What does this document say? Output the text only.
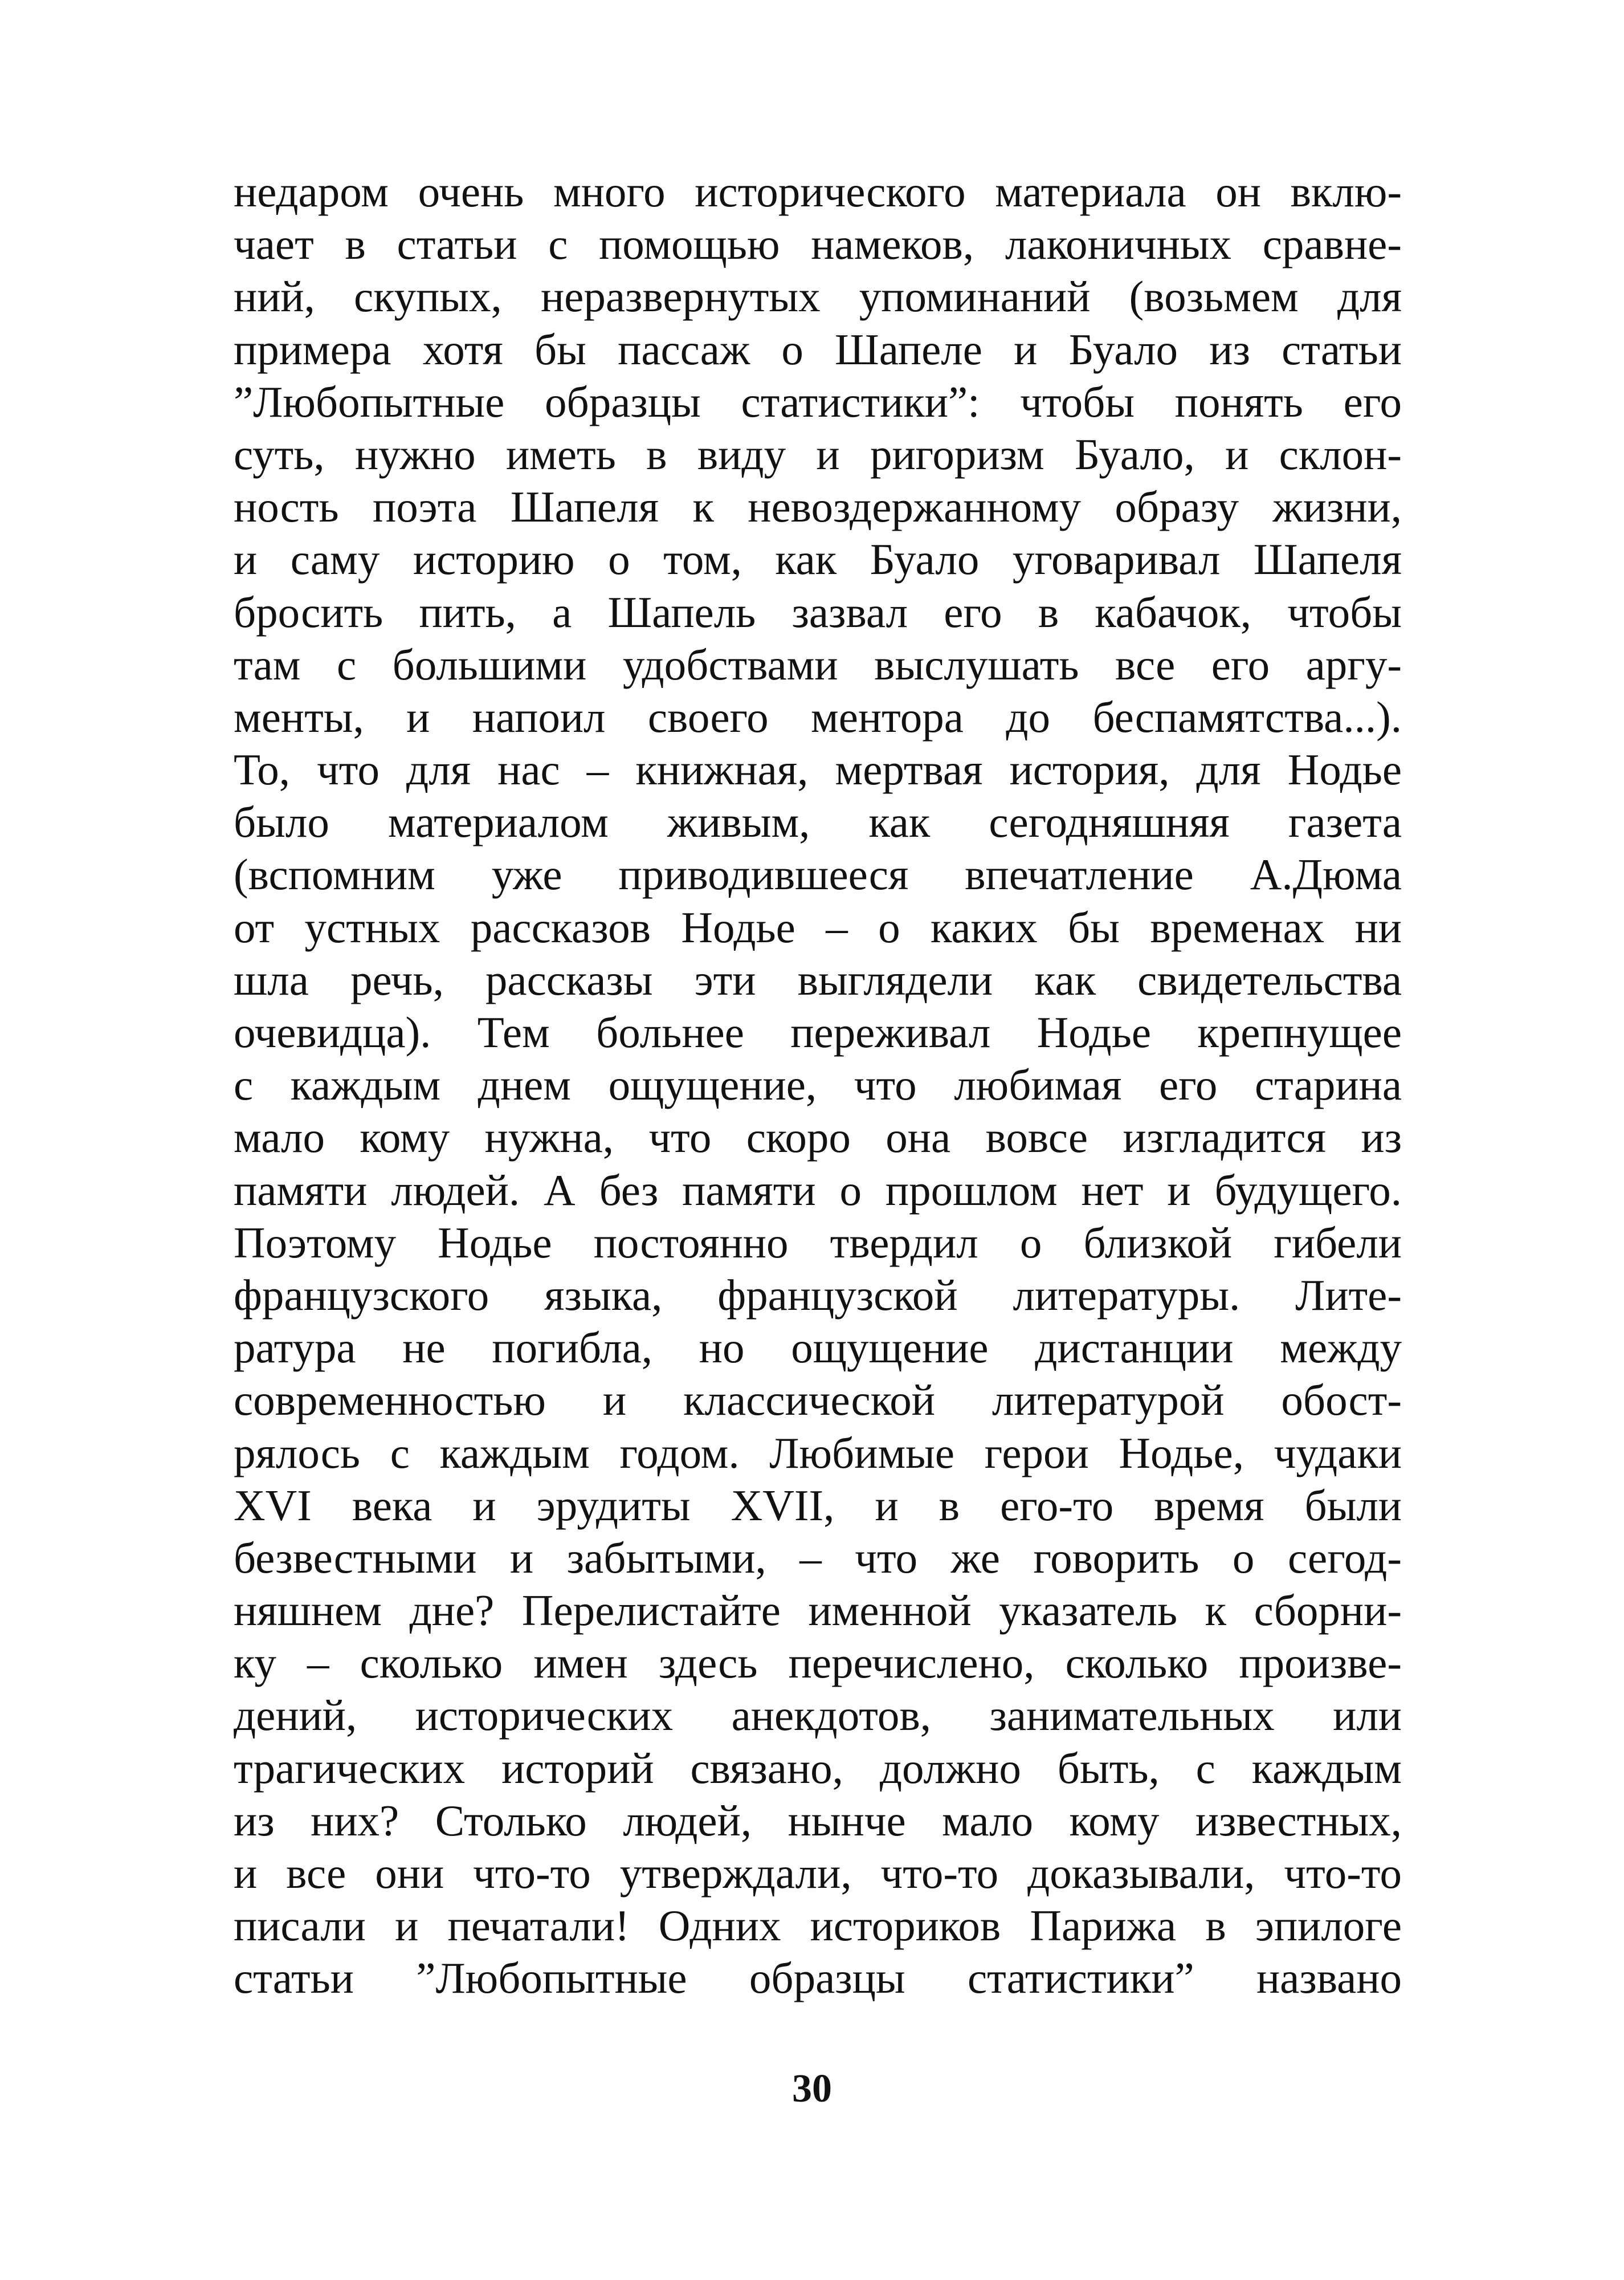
недаром очень много исторического материала он вклю-
чает в статьи с помощью намеков, лаконичных сравне-
ний, скупых, неразвернутых упоминаний (возьмем для
примера хотя бы пассаж о Шапеле и Буало из статьи
”Любопытные образцы статистики”: чтобы понять его
суть, нужно иметь в виду и ригоризм Буало, и склон-
ность поэта Шапеля к невоздержанному образу жизни,
и саму историю о том, как Буало уговаривал Шапеля
бросить пить, а Шапель зазвал его в кабачок, чтобы
там с большими удобствами выслушать все его аргу-
менты, и напоил своего ментора до беспамятства...).
То, что для нас – книжная, мертвая история, для Нодье
было материалом живым, как сегодняшняя газета
(вспомним уже приводившееся впечатление А.Дюма
от устных рассказов Нодье – о каких бы временах ни
шла речь, рассказы эти выглядели как свидетельства
очевидца). Тем больнее переживал Нодье крепнущее
с каждым днем ощущение, что любимая его старина
мало кому нужна, что скоро она вовсе изгладится из
памяти людей. А без памяти о прошлом нет и будущего.
Поэтому Нодье постоянно твердил о близкой гибели
французского языка, французской литературы. Лите-
ратура не погибла, но ощущение дистанции между
современностью и классической литературой обост-
рялось с каждым годом. Любимые герои Нодье, чудаки
XVI века и эрудиты XVII, и в его-то время были
безвестными и забытыми, – что же говорить о сегод-
няшнем дне? Перелистайте именной указатель к сборни-
ку – сколько имен здесь перечислено, сколько произве-
дений, исторических анекдотов, занимательных или
трагических историй связано, должно быть, с каждым
из них? Столько людей, нынче мало кому известных,
и все они что-то утверждали, что-то доказывали, что-то
писали и печатали! Одних историков Парижа в эпилоге
статьи ”Любопытные образцы статистики” названо
30
